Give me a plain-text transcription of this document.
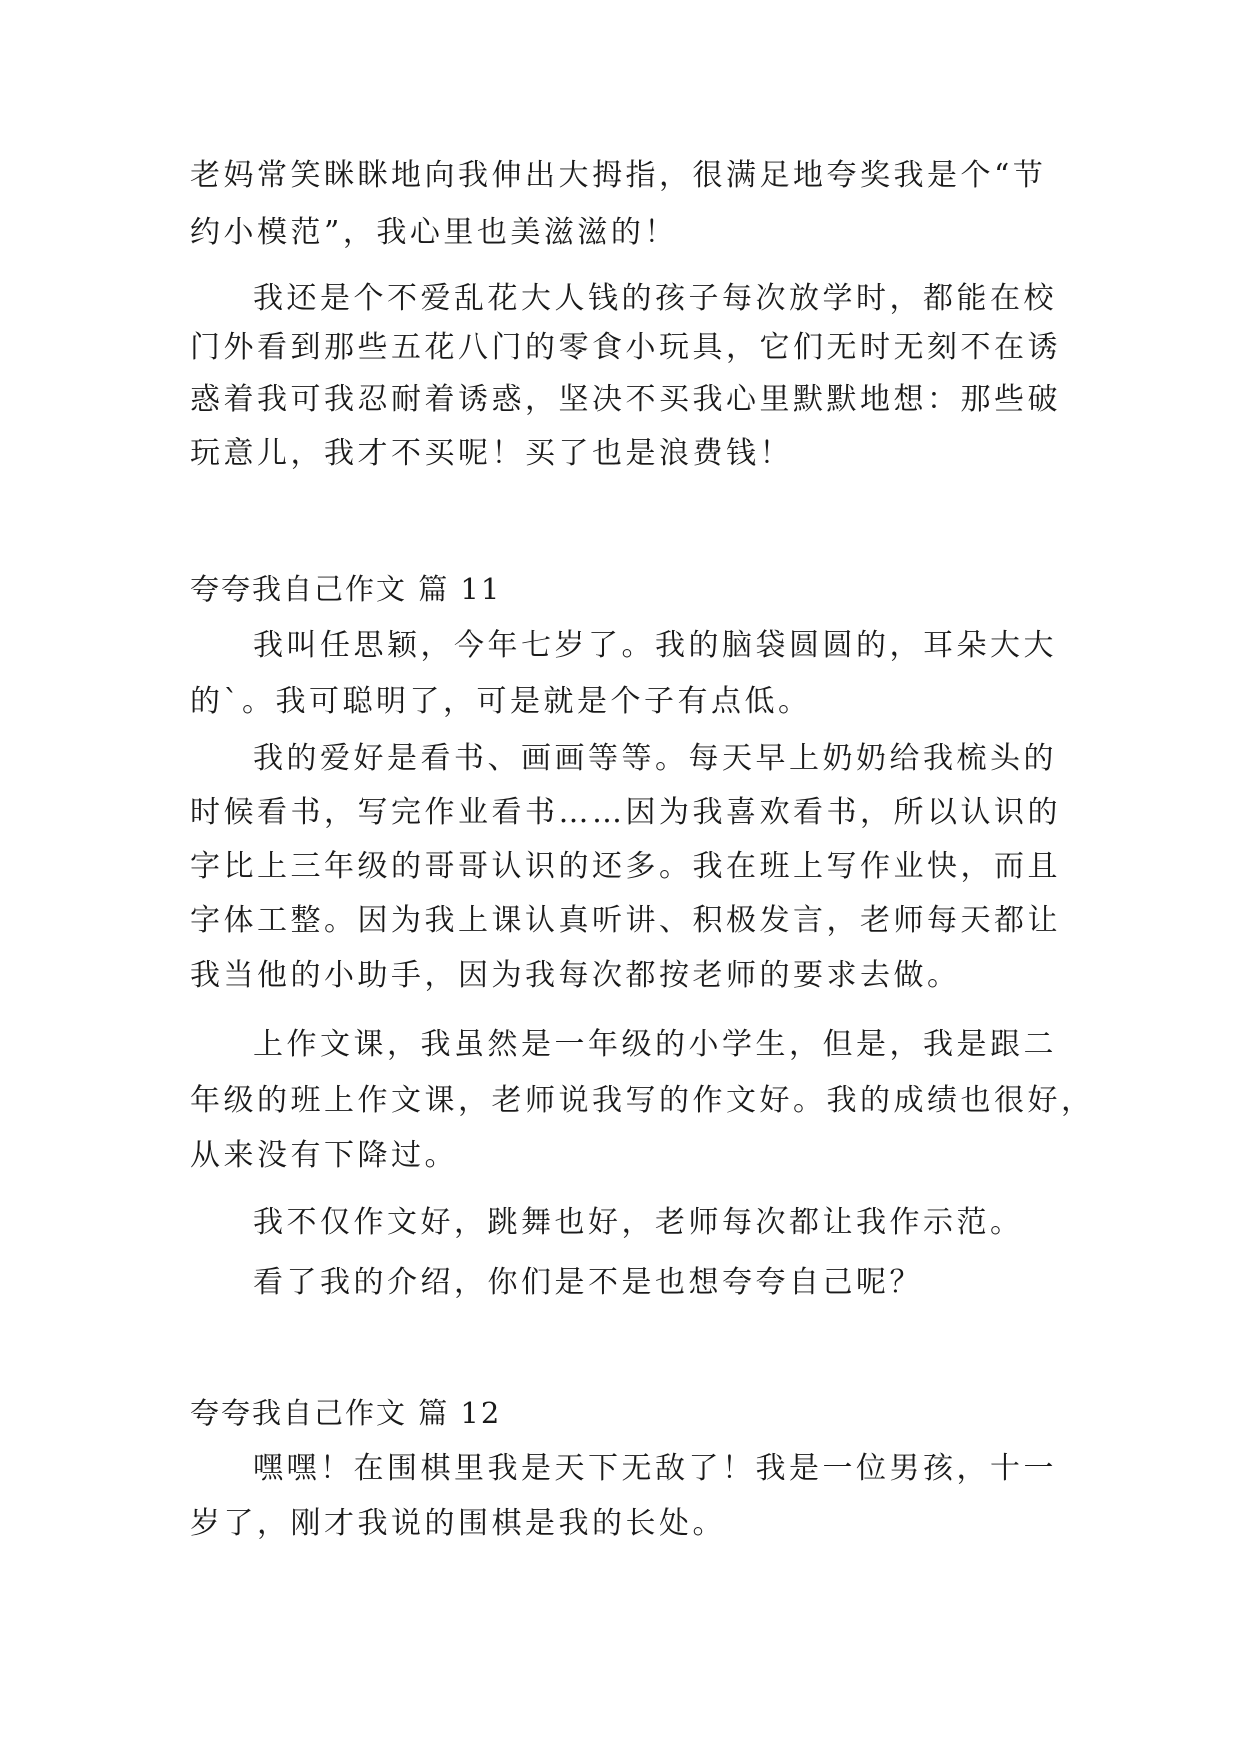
老妈常笑眯眯地向我伸出大拇指，很满足地夸奖我是个“节
约小模范”，我心里也美滋滋的！
我还是个不爱乱花大人钱的孩子每次放学时，都能在校
门外看到那些五花八门的零食小玩具，它们无时无刻不在诱
惑着我可我忍耐着诱惑，坚决不买我心里默默地想：那些破
玩意儿，我才不买呢！买了也是浪费钱！
夸夸我自己作文 篇 11
我叫任思颖，今年七岁了。我的脑袋圆圆的，耳朵大大
的`。我可聪明了，可是就是个子有点低。
我的爱好是看书、画画等等。每天早上奶奶给我梳头的
时候看书，写完作业看书……因为我喜欢看书，所以认识的
字比上三年级的哥哥认识的还多。我在班上写作业快，而且
字体工整。因为我上课认真听讲、积极发言，老师每天都让
我当他的小助手，因为我每次都按老师的要求去做。
上作文课，我虽然是一年级的小学生，但是，我是跟二
年级的班上作文课，老师说我写的作文好。我的成绩也很好，
从来没有下降过。
我不仅作文好，跳舞也好，老师每次都让我作示范。
看了我的介绍，你们是不是也想夸夸自己呢？
夸夸我自己作文 篇 12
嘿嘿！在围棋里我是天下无敌了！我是一位男孩，十一
岁了，刚才我说的围棋是我的长处。
